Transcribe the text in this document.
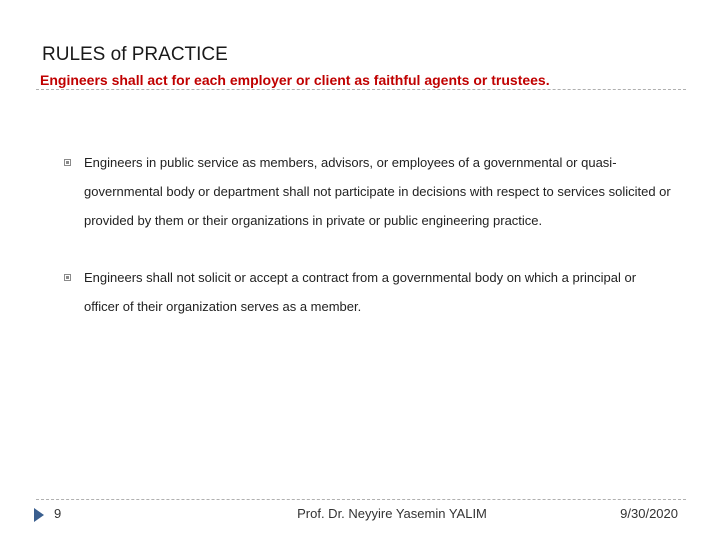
RULES of PRACTICE
Engineers shall act for each employer or client as faithful agents or trustees.
Engineers in public service as members, advisors, or employees of a governmental or quasi-governmental body or department shall not participate in decisions with respect to services solicited or provided by them or their organizations in private or public engineering practice.
Engineers shall not solicit or accept a contract from a governmental body on which a principal or officer of their organization serves as a member.
9	Prof. Dr. Neyyire Yasemin YALIM	9/30/2020
